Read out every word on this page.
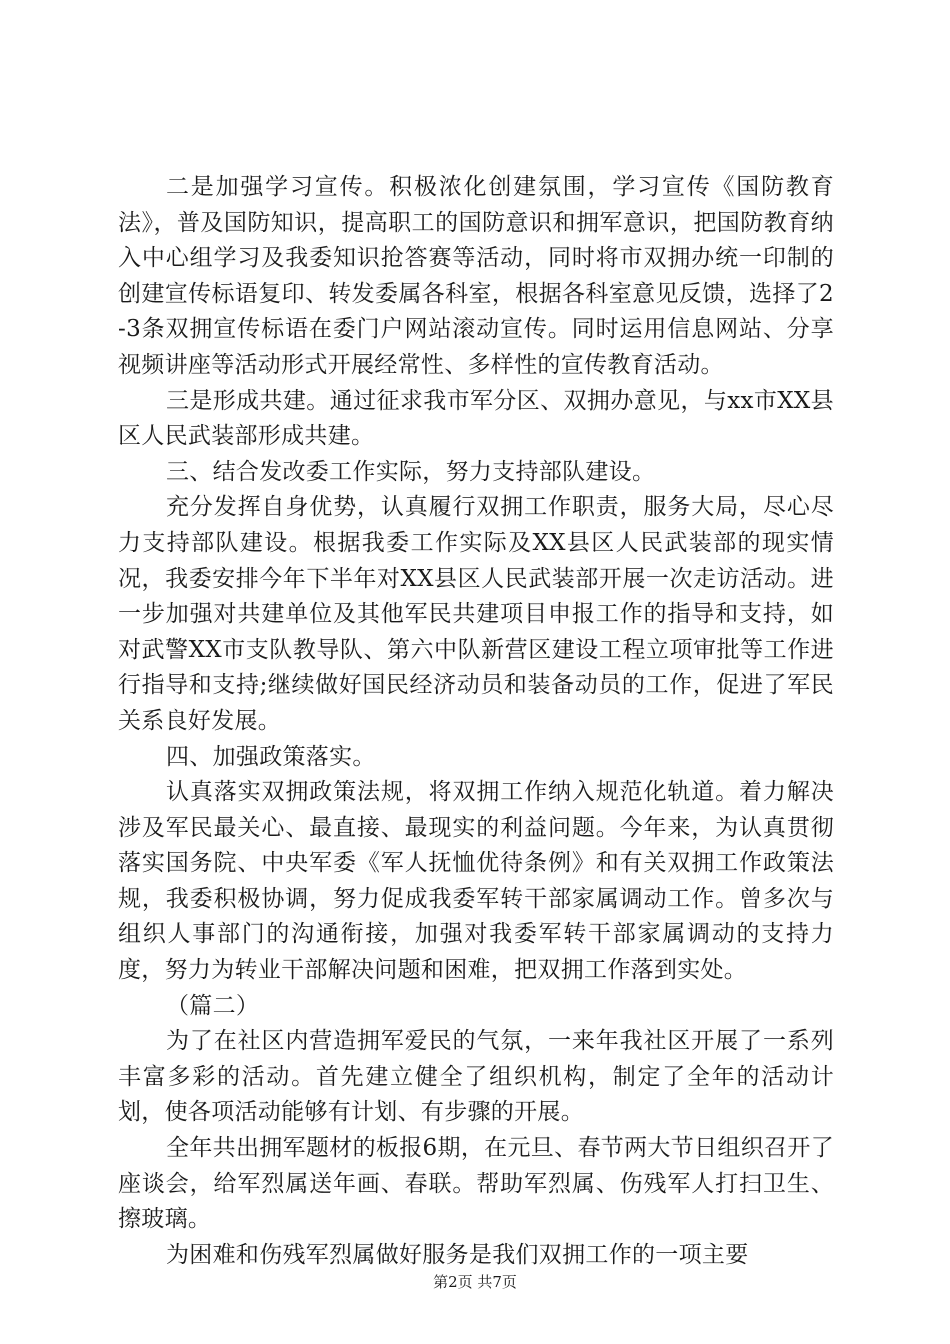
二是加强学习宣传。积极浓化创建氛围，学习宣传《国防教育法》，普及国防知识，提高职工的国防意识和拥军意识，把国防教育纳入中心组学习及我委知识抢答赛等活动，同时将市双拥办统一印制的创建宣传标语复印、转发委属各科室，根据各科室意见反馈，选择了2-3条双拥宣传标语在委门户网站滚动宣传。同时运用信息网站、分享视频讲座等活动形式开展经常性、多样性的宣传教育活动。

三是形成共建。通过征求我市军分区、双拥办意见，与xx市XX县区人民武装部形成共建。

三、结合发改委工作实际，努力支持部队建设。

充分发挥自身优势，认真履行双拥工作职责，服务大局，尽心尽力支持部队建设。根据我委工作实际及XX县区人民武装部的现实情况，我委安排今年下半年对XX县区人民武装部开展一次走访活动。进一步加强对共建单位及其他军民共建项目申报工作的指导和支持，如对武警XX市支队教导队、第六中队新营区建设工程立项审批等工作进行指导和支持;继续做好国民经济动员和装备动员的工作，促进了军民关系良好发展。

四、加强政策落实。

认真落实双拥政策法规，将双拥工作纳入规范化轨道。着力解决涉及军民最关心、最直接、最现实的利益问题。今年来，为认真贯彻落实国务院、中央军委《军人抚恤优待条例》和有关双拥工作政策法规，我委积极协调，努力促成我委军转干部家属调动工作。曾多次与组织人事部门的沟通衔接，加强对我委军转干部家属调动的支持力度，努力为转业干部解决问题和困难，把双拥工作落到实处。

（篇二）

为了在社区内营造拥军爱民的气氛，一来年我社区开展了一系列丰富多彩的活动。首先建立健全了组织机构，制定了全年的活动计划，使各项活动能够有计划、有步骤的开展。

全年共出拥军题材的板报6期，在元旦、春节两大节日组织召开了座谈会，给军烈属送年画、春联。帮助军烈属、伤残军人打扫卫生、擦玻璃。

为困难和伤残军烈属做好服务是我们双拥工作的一项主要

第2页 共7页
